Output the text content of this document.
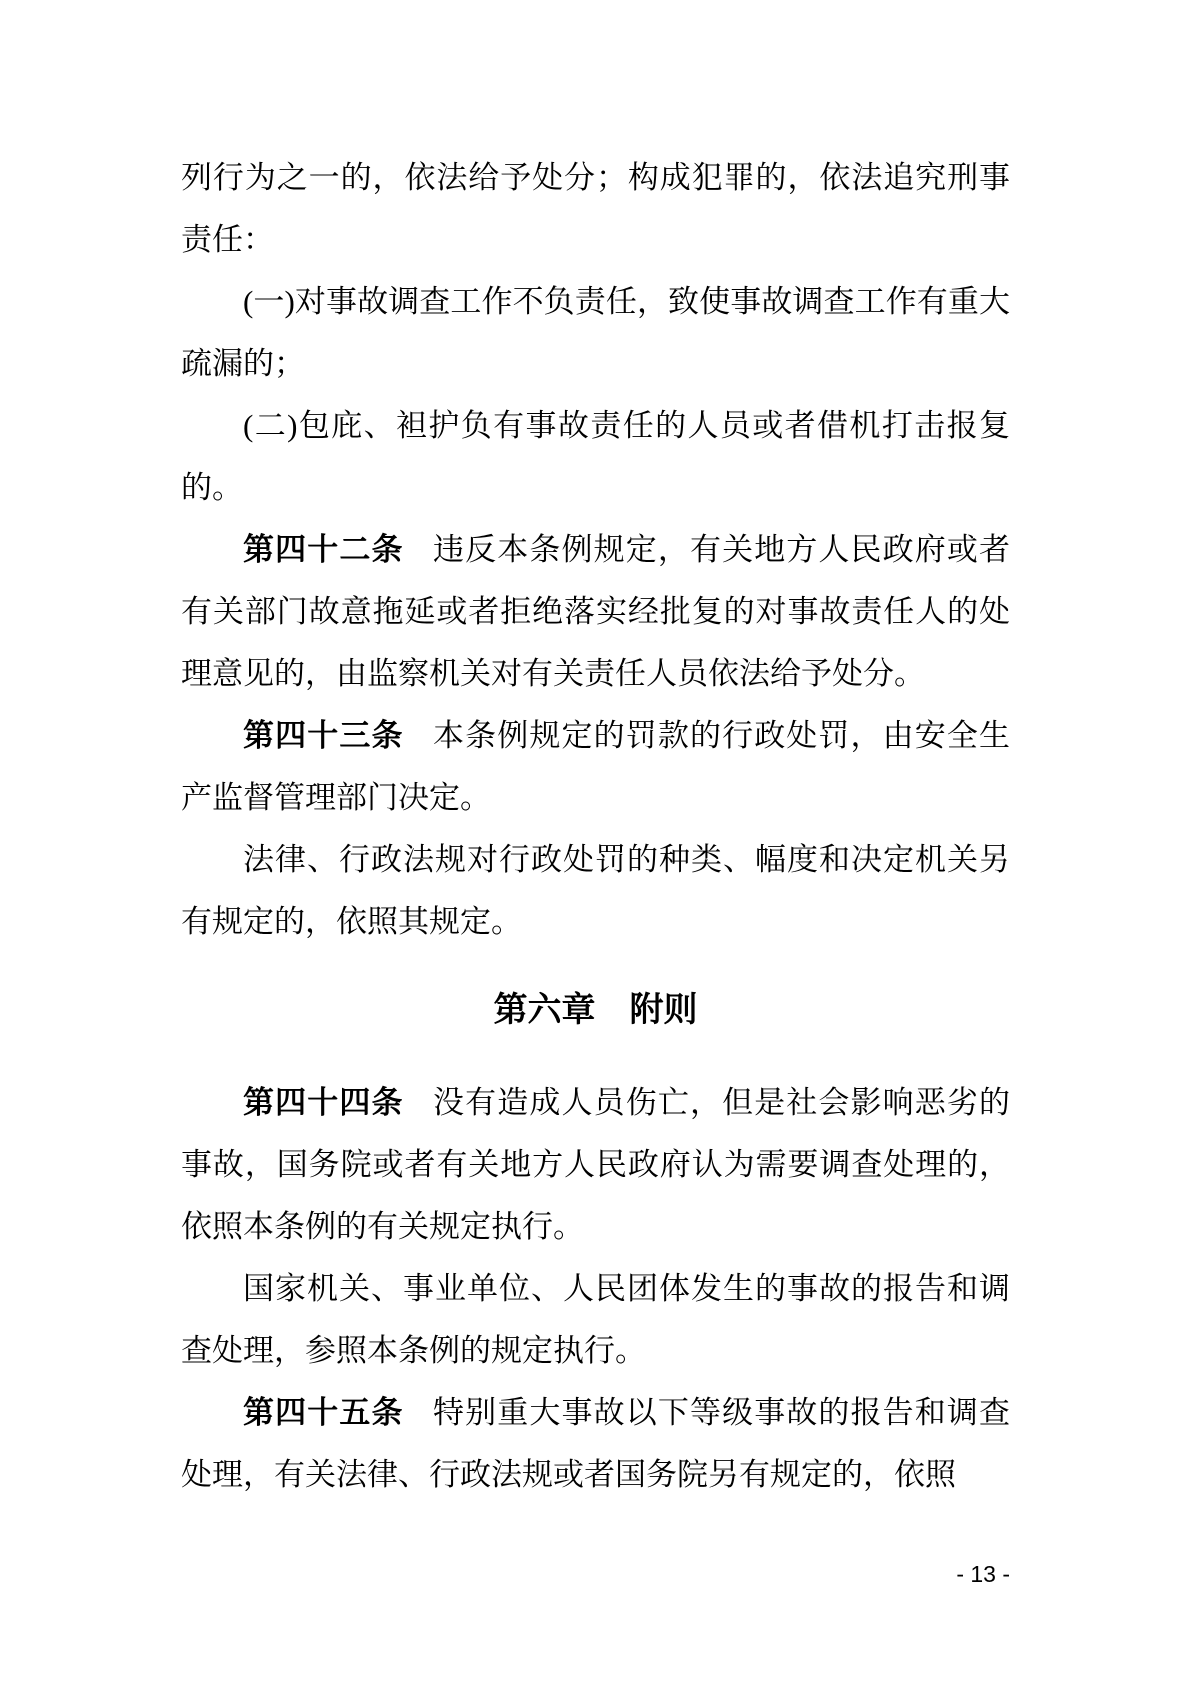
列行为之一的，依法给予处分；构成犯罪的，依法追究刑事责任：

(一)对事故调查工作不负责任，致使事故调查工作有重大疏漏的；

(二)包庇、袒护负有事故责任的人员或者借机打击报复的。

第四十二条 违反本条例规定，有关地方人民政府或者有关部门故意拖延或者拒绝落实经批复的对事故责任人的处理意见的，由监察机关对有关责任人员依法给予处分。

第四十三条 本条例规定的罚款的行政处罚，由安全生产监督管理部门决定。

法律、行政法规对行政处罚的种类、幅度和决定机关另有规定的，依照其规定。

第六章 附则

第四十四条 没有造成人员伤亡，但是社会影响恶劣的事故，国务院或者有关地方人民政府认为需要调查处理的，依照本条例的有关规定执行。

国家机关、事业单位、人民团体发生的事故的报告和调查处理，参照本条例的规定执行。

第四十五条 特别重大事故以下等级事故的报告和调查处理，有关法律、行政法规或者国务院另有规定的，依照

- 13 -
